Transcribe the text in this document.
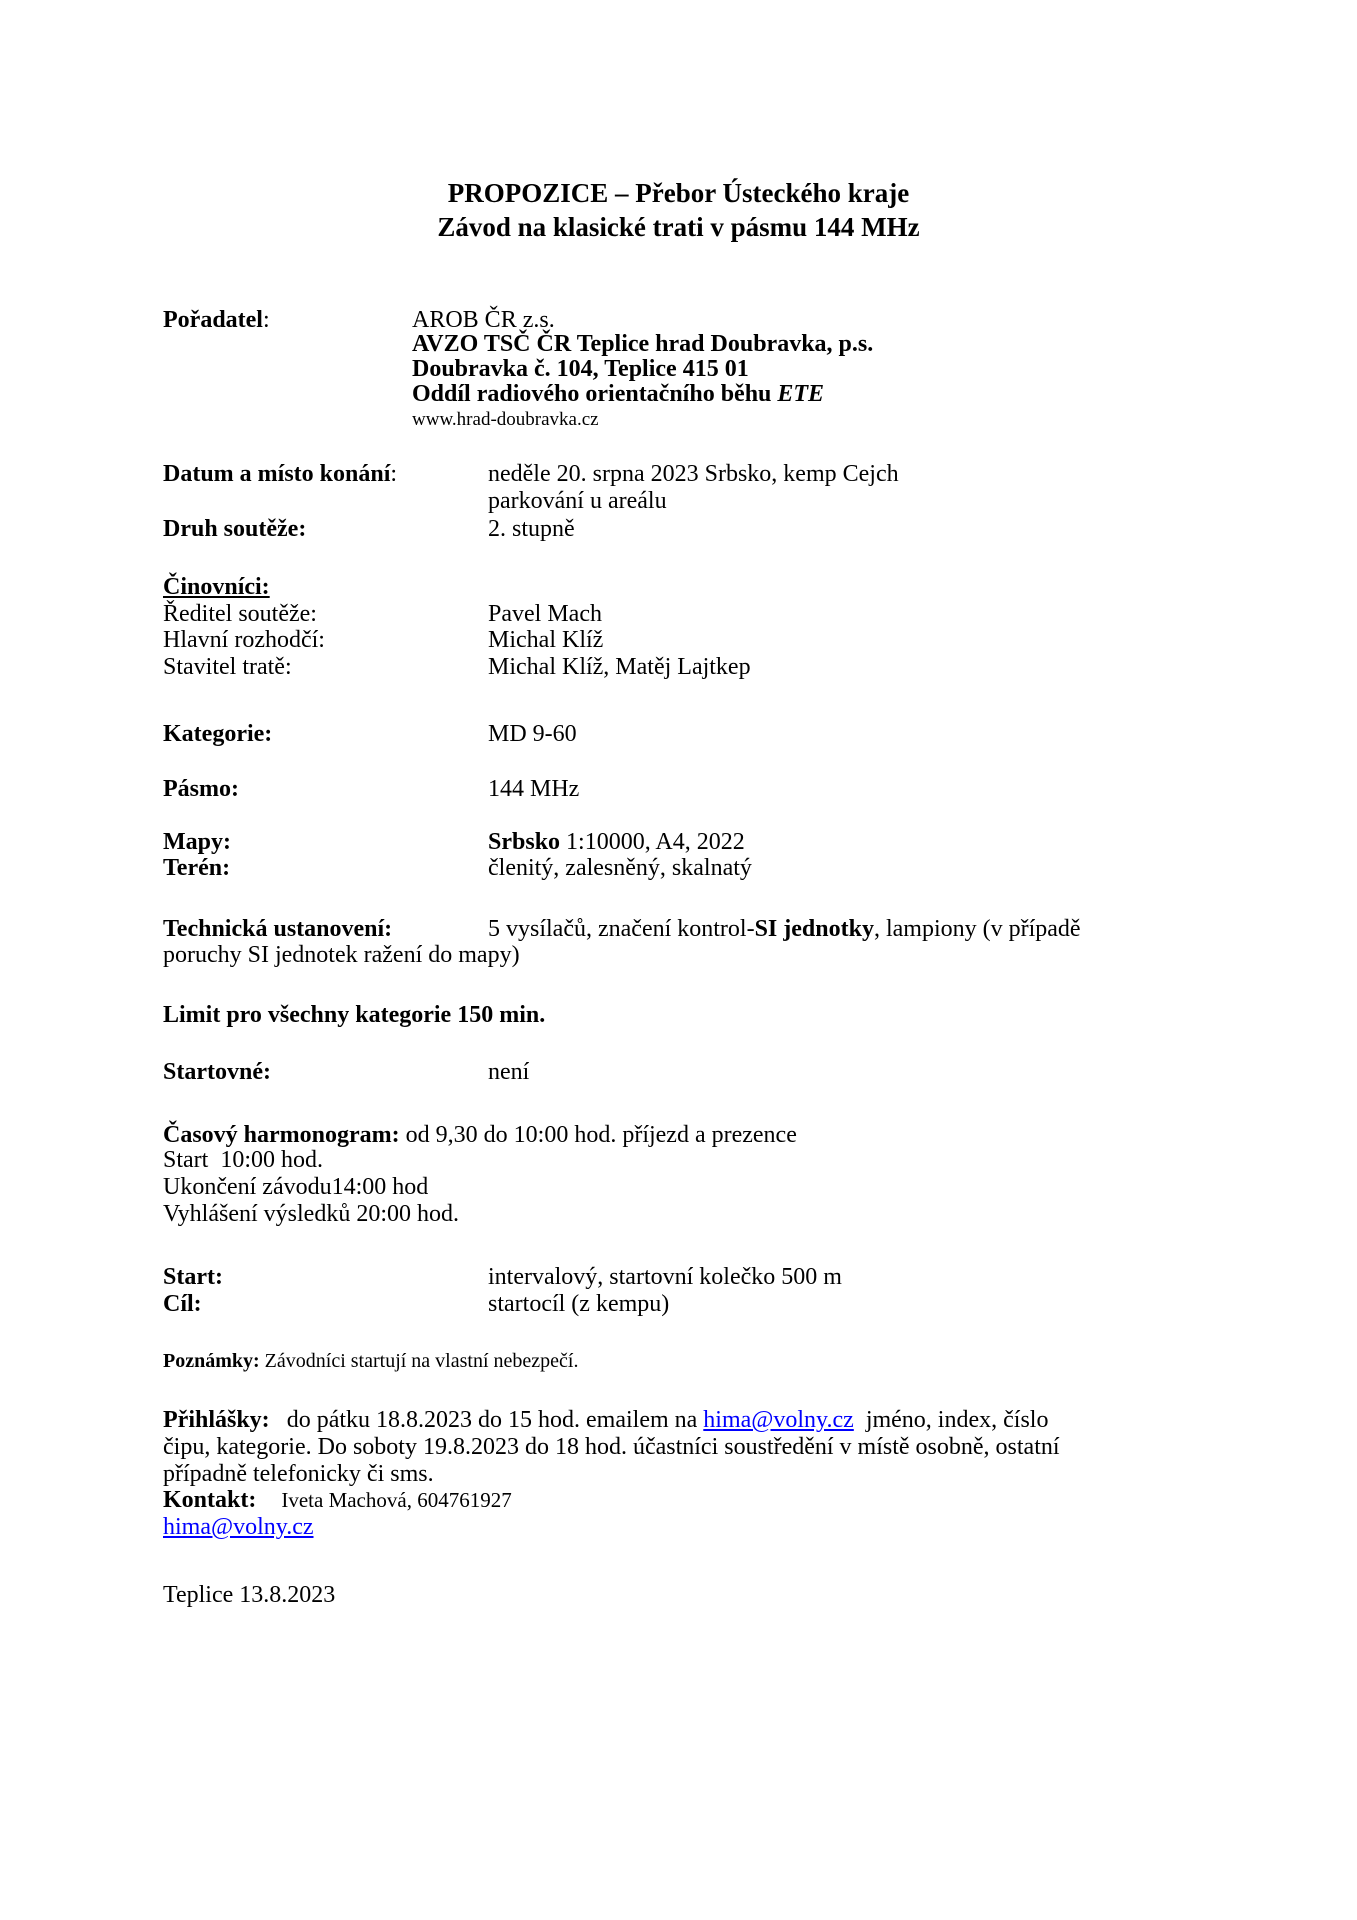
PROPOZICE – Přebor Ústeckého kraje
Závod na klasické trati v pásmu 144 MHz
Pořadatel:	AROB ČR z.s.
AVZO TSČ ČR Teplice hrad Doubravka, p.s.
Doubravka č. 104, Teplice 415 01
Oddíl radiového orientačního běhu ETE
www.hrad-doubravka.cz
Datum a místo konání:	neděle 20. srpna 2023 Srbsko, kemp Cejch
parkování u areálu
Druh soutěže:	2. stupně
Činovníci:
Ředitel soutěže:	Pavel Mach
Hlavní rozhodčí:	Michal Klíž
Stavitel tratě:	Michal Klíž, Matěj Lajtkep
Kategorie:	MD 9-60
Pásmo:	144 MHz
Mapy:	Srbsko 1:10000, A4, 2022
Terén:	členitý, zalesněný, skalnatý
Technická ustanovení:	5 vysílačů, značení kontrol-SI jednotky, lampiony (v případě
poruchy SI jednotek ražení do mapy)
Limit pro všechny kategorie 150 min.
Startovné:	není
Časový harmonogram: od 9,30 do 10:00 hod. příjezd a prezence
Start  10:00 hod.
Ukončení závodu14:00 hod
Vyhlášení výsledků 20:00 hod.
Start:	intervalový, startovní kolečko 500 m
Cíl:	startocíl (z kempu)
Poznámky: Závodníci startují na vlastní nebezpečí.
Přihlášky: do pátku 18.8.2023 do 15 hod. emailem na hima@volny.cz  jméno, index, číslo
čipu, kategorie. Do soboty 19.8.2023 do 18 hod. účastníci soustředění v místě osobně, ostatní
případně telefonicky či sms.
Kontakt: Iveta Machová, 604761927
hima@volny.cz
Teplice 13.8.2023
